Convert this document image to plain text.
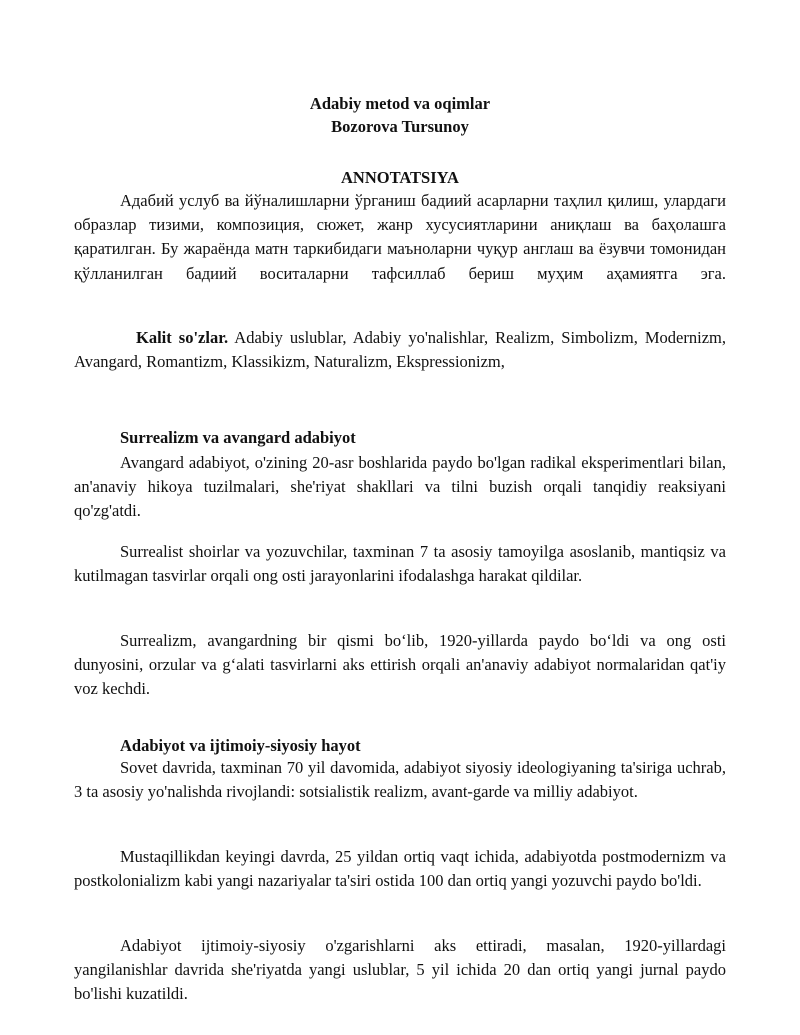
Adabiy metod va oqimlar

Bozorova Tursunoy

ANNOTATSIYA

Адабий услуб ва йўналишларни ўрганиш бадиий асарларни таҳлил қилиш, улардаги образлар тизими, композиция, сюжет, жанр хусусиятларини аниқлаш ва баҳолашга қаратилган. Бу жараёнда матн таркибидаги маъноларни чуқур англаш ва ёзувчи томонидан қўлланилган бадиий воситаларни тафсиллаб бериш муҳим аҳамиятга эга.

Kalit so'zlar. Adabiy uslublar, Adabiy yo'nalishlar, Realizm, Simbolizm, Modernizm, Avangard, Romantizm, Klassikizm, Naturalizm, Ekspressionizm,

Surrealizm va avangard adabiyot

Avangard adabiyot, o'zining 20-asr boshlarida paydo bo'lgan radikal eksperimentlari bilan, an'anaviy hikoya tuzilmalari, she'riyat shakllari va tilni buzish orqali tanqidiy reaksiyani qo'zg'atdi.

Surrealist shoirlar va yozuvchilar, taxminan 7 ta asosiy tamoyilga asoslanib, mantiqsiz va kutilmagan tasvirlar orqali ong osti jarayonlarini ifodalashga harakat qildilar.

Surrealizm, avangardning bir qismi bo‘lib, 1920-yillarda paydo bo‘ldi va ong osti dunyosini, orzular va g‘alati tasvirlarni aks ettirish orqali an'anaviy adabiyot normalaridan qat'iy voz kechdi.

Adabiyot va ijtimoiy-siyosiy hayot

Sovet davrida, taxminan 70 yil davomida, adabiyot siyosiy ideologiyaning ta'siriga uchrab, 3 ta asosiy yo'nalishda rivojlandi: sotsialistik realizm, avant-garde va milliy adabiyot.

Mustaqillikdan keyingi davrda, 25 yildan ortiq vaqt ichida, adabiyotda postmodernizm va postkolonializm kabi yangi nazariyalar ta'siri ostida 100 dan ortiq yangi yozuvchi paydo bo'ldi.

Adabiyot ijtimoiy-siyosiy o'zgarishlarni aks ettiradi, masalan, 1920-yillardagi yangilanishlar davrida she'riyatda yangi uslublar, 5 yil ichida 20 dan ortiq yangi jurnal paydo bo'lishi kuzatildi.
